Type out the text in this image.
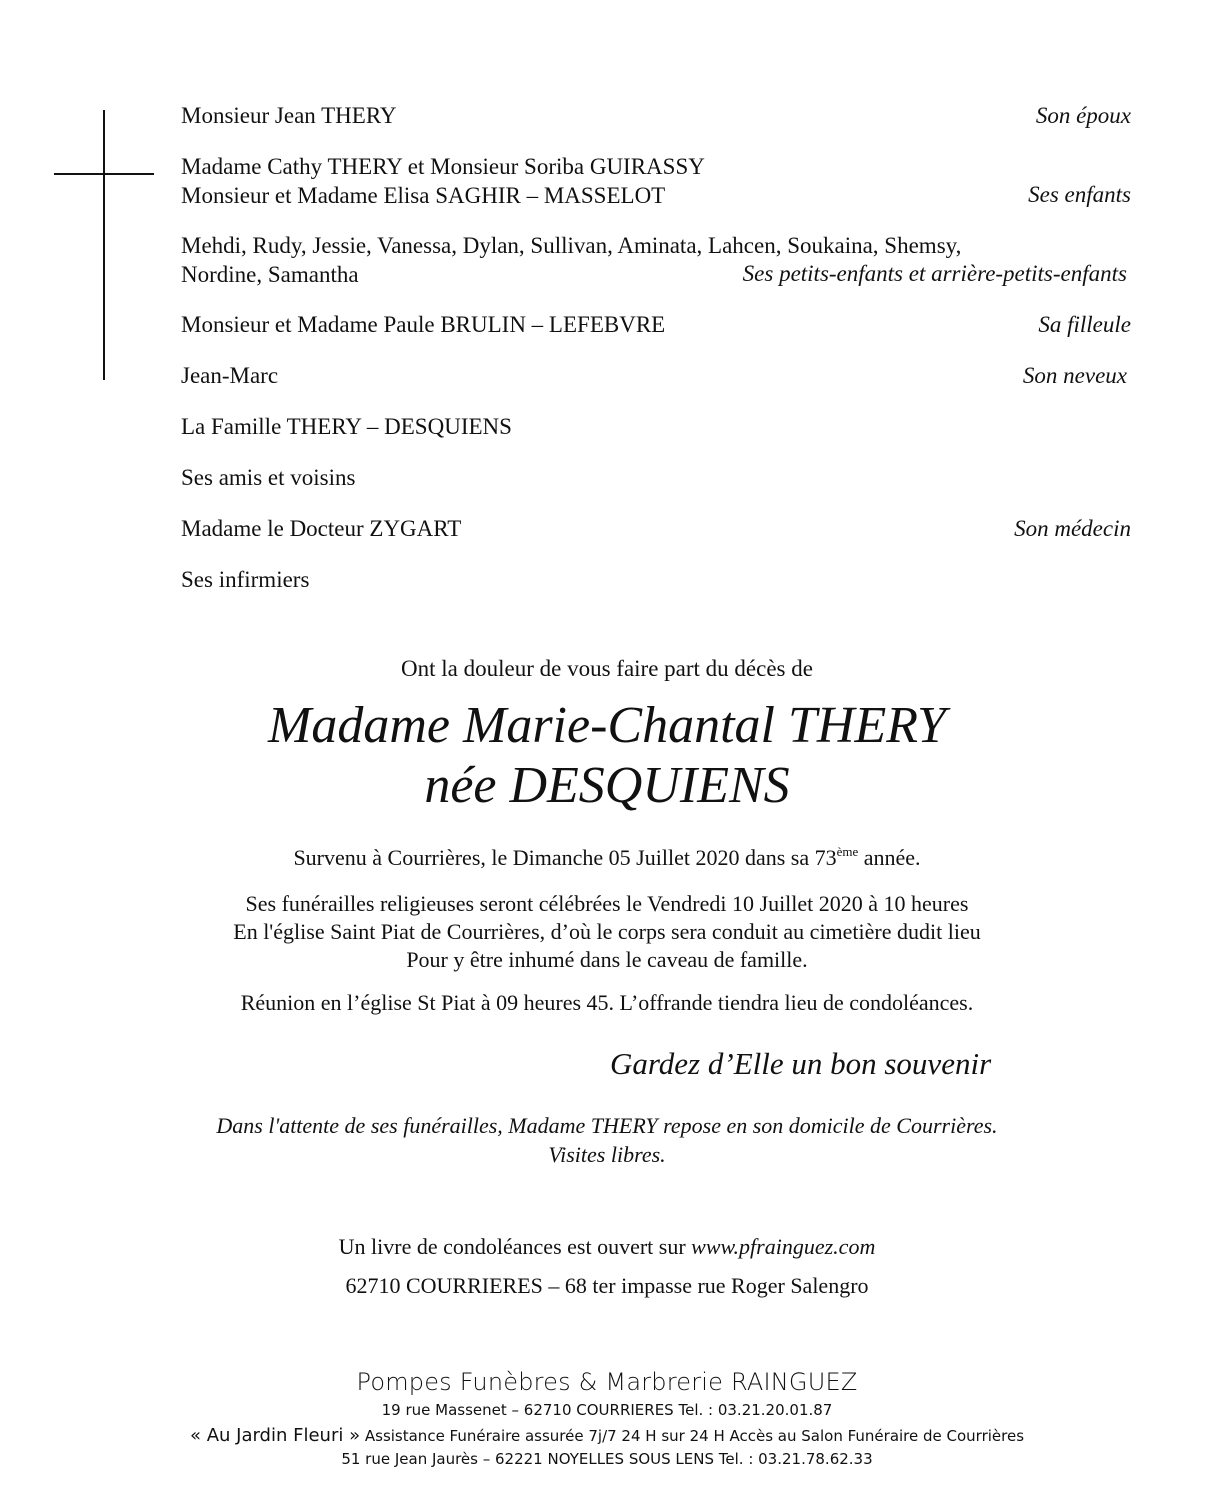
Monsieur Jean THERY	Son époux
Madame Cathy THERY et Monsieur Soriba GUIRASSY
Monsieur et Madame Elisa SAGHIR – MASSELOT	Ses enfants
Mehdi, Rudy, Jessie, Vanessa, Dylan, Sullivan, Aminata, Lahcen, Soukaina, Shemsy,
Nordine, Samantha	Ses petits-enfants et arrière-petits-enfants
Monsieur et Madame Paule BRULIN – LEFEBVRE	Sa filleule
Jean-Marc	Son neveux
La Famille THERY – DESQUIENS
Ses amis et voisins
Madame le Docteur ZYGART	Son médecin
Ses infirmiers
Ont la douleur de vous faire part du décès de
Madame Marie-Chantal THERY
née DESQUIENS
Survenu à Courrières, le Dimanche 05 Juillet 2020 dans sa 73ème année.
Ses funérailles religieuses seront célébrées le Vendredi 10 Juillet 2020 à 10 heures
En l'église Saint Piat de Courrières, d’où le corps sera conduit au cimetière dudit lieu
Pour y être inhumé dans le caveau de famille.
Réunion en l’église St Piat à 09 heures 45. L’offrande tiendra lieu de condoléances.
Gardez d’Elle un bon souvenir
Dans l'attente de ses funérailles, Madame THERY repose en son domicile de Courrières.
Visites libres.
Un livre de condoléances est ouvert sur www.pfrainguez.com
62710 COURRIERES – 68 ter impasse rue Roger Salengro
Pompes Funèbres & Marbrerie RAINGUEZ
19 rue Massenet – 62710 COURRIERES Tel. : 03.21.20.01.87
« Au Jardin Fleuri » Assistance Funéraire assurée 7j/7 24 H sur 24 H Accès au Salon Funéraire de Courrières
51 rue Jean Jaurès – 62221 NOYELLES SOUS LENS Tel. : 03.21.78.62.33
